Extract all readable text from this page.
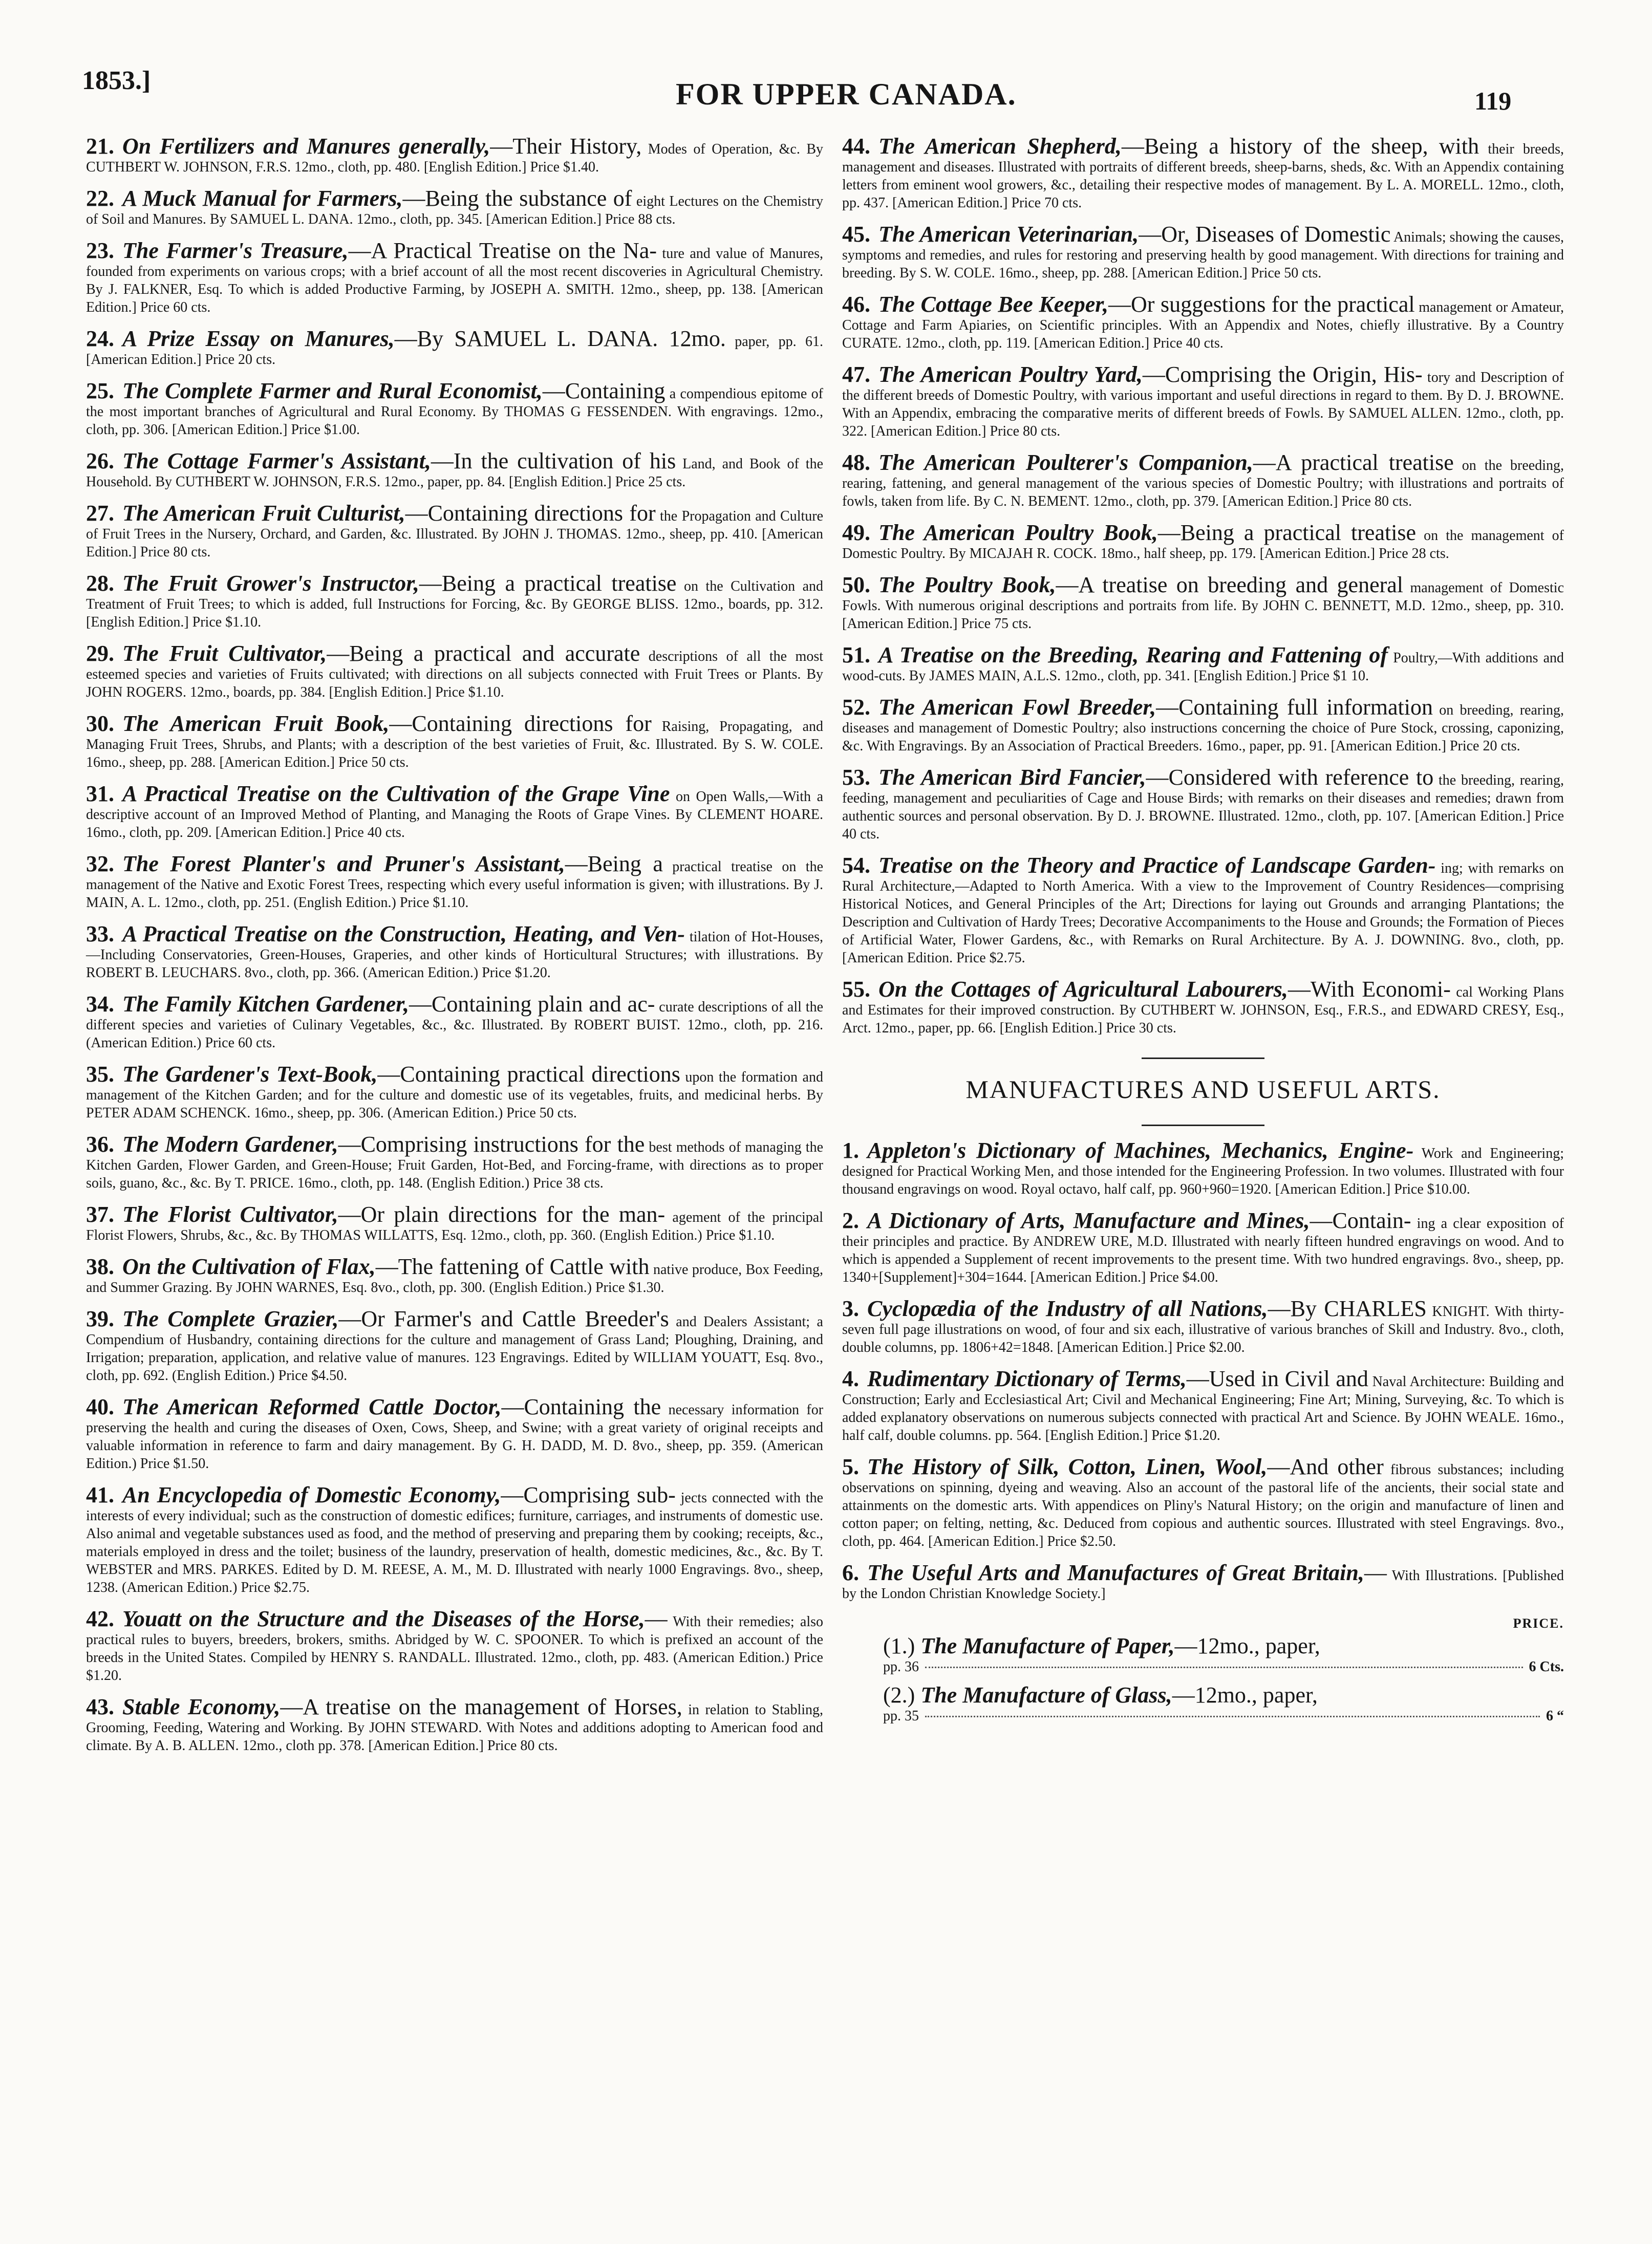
1853.]	FOR UPPER CANADA.	119

21. On Fertilizers and Manures generally,—Their History, Modes of Operation, &c. By CUTHBERT W. JOHNSON, F.R.S. 12mo., cloth, pp. 480. [English Edition.] Price $1.40.

22. A Muck Manual for Farmers,—Being the substance of eight Lectures on the Chemistry of Soil and Manures. By SAMUEL L. DANA. 12mo., cloth, pp. 345. [American Edition.] Price 88 cts.

23. The Farmer's Treasure,—A Practical Treatise on the Na- ture and value of Manures, founded from experiments on various crops; with a brief account of all the most recent discoveries in Agricultural Chemistry. By J. FALKNER, Esq. To which is added Productive Farming, by JOSEPH A. SMITH. 12mo., sheep, pp. 138. [American Edition.] Price 60 cts.

24. A Prize Essay on Manures,—By SAMUEL L. DANA. 12mo. paper, pp. 61. [American Edition.] Price 20 cts.

25. The Complete Farmer and Rural Economist,—Containing a compendious epitome of the most important branches of Agricultural and Rural Economy. By THOMAS G FESSENDEN. With engravings. 12mo., cloth, pp. 306. [American Edition.] Price $1.00.

26. The Cottage Farmer's Assistant,—In the cultivation of his Land, and Book of the Household. By CUTHBERT W. JOHNSON, F.R.S. 12mo., paper, pp. 84. [English Edition.] Price 25 cts.

27. The American Fruit Culturist,—Containing directions for the Propagation and Culture of Fruit Trees in the Nursery, Orchard, and Garden, &c. Illustrated. By JOHN J. THOMAS. 12mo., sheep, pp. 410. [American Edition.] Price 80 cts.

28. The Fruit Grower's Instructor,—Being a practical treatise on the Cultivation and Treatment of Fruit Trees; to which is added, full Instructions for Forcing, &c. By GEORGE BLISS. 12mo., boards, pp. 312. [English Edition.] Price $1.10.

29. The Fruit Cultivator,—Being a practical and accurate descriptions of all the most esteemed species and varieties of Fruits cultivated; with directions on all subjects connected with Fruit Trees or Plants. By JOHN ROGERS. 12mo., boards, pp. 384. [English Edition.] Price $1.10.

30. The American Fruit Book,—Containing directions for Raising, Propagating, and Managing Fruit Trees, Shrubs, and Plants; with a description of the best varieties of Fruit, &c. Illustrated. By S. W. COLE. 16mo., sheep, pp. 288. [American Edition.] Price 50 cts.

31. A Practical Treatise on the Cultivation of the Grape Vine on Open Walls,—With a descriptive account of an Improved Method of Planting, and Managing the Roots of Grape Vines. By CLEMENT HOARE. 16mo., cloth, pp. 209. [American Edition.] Price 40 cts.

32. The Forest Planter's and Pruner's Assistant,—Being a practical treatise on the management of the Native and Exotic Forest Trees, respecting which every useful information is given; with illustrations. By J. MAIN, A. L. 12mo., cloth, pp. 251. (English Edition.) Price $1.10.

33. A Practical Treatise on the Construction, Heating, and Ven- tilation of Hot-Houses,—Including Conservatories, Green-Houses, Graperies, and other kinds of Horticultural Structures; with illustrations. By ROBERT B. LEUCHARS. 8vo., cloth, pp. 366. (American Edition.) Price $1.20.

34. The Family Kitchen Gardener,—Containing plain and ac- curate descriptions of all the different species and varieties of Culinary Vegetables, &c., &c. Illustrated. By ROBERT BUIST. 12mo., cloth, pp. 216. (American Edition.) Price 60 cts.

35. The Gardener's Text-Book,—Containing practical directions upon the formation and management of the Kitchen Garden; and for the culture and domestic use of its vegetables, fruits, and medicinal herbs. By PETER ADAM SCHENCK. 16mo., sheep, pp. 306. (American Edition.) Price 50 cts.

36. The Modern Gardener,—Comprising instructions for the best methods of managing the Kitchen Garden, Flower Garden, and Green-House; Fruit Garden, Hot-Bed, and Forcing-frame, with directions as to proper soils, guano, &c., &c. By T. PRICE. 16mo., cloth, pp. 148. (English Edition.) Price 38 cts.

37. The Florist Cultivator,—Or plain directions for the man- agement of the principal Florist Flowers, Shrubs, &c., &c. By THOMAS WILLATTS, Esq. 12mo., cloth, pp. 360. (English Edition.) Price $1.10.

38. On the Cultivation of Flax,—The fattening of Cattle with native produce, Box Feeding, and Summer Grazing. By JOHN WARNES, Esq. 8vo., cloth, pp. 300. (English Edition.) Price $1.30.

39. The Complete Grazier,—Or Farmer's and Cattle Breeder's and Dealers Assistant; a Compendium of Husbandry, containing directions for the culture and management of Grass Land; Ploughing, Draining, and Irrigation; preparation, application, and relative value of manures. 123 Engravings. Edited by WILLIAM YOUATT, Esq. 8vo., cloth, pp. 692. (English Edition.) Price $4.50.

40. The American Reformed Cattle Doctor,—Containing the necessary information for preserving the health and curing the diseases of Oxen, Cows, Sheep, and Swine; with a great variety of original receipts and valuable information in reference to farm and dairy management. By G. H. DADD, M. D. 8vo., sheep, pp. 359. (American Edition.) Price $1.50.

41. An Encyclopedia of Domestic Economy,—Comprising sub- jects connected with the interests of every individual; such as the construction of domestic edifices; furniture, carriages, and instruments of domestic use. Also animal and vegetable substances used as food, and the method of preserving and preparing them by cooking; receipts, &c., materials employed in dress and the toilet; business of the laundry, preservation of health, domestic medicines, &c., &c. By T. WEBSTER and MRS. PARKES. Edited by D. M. REESE, A. M., M. D. Illustrated with nearly 1000 Engravings. 8vo., sheep, 1238. (American Edition.) Price $2.75.

42. Youatt on the Structure and the Diseases of the Horse,— With their remedies; also practical rules to buyers, breeders, brokers, smiths. Abridged by W. C. SPOONER. To which is prefixed an account of the breeds in the United States. Compiled by HENRY S. RANDALL. Illustrated. 12mo., cloth, pp. 483. (American Edition.) Price $1.20.

43. Stable Economy,—A treatise on the management of Horses, in relation to Stabling, Grooming, Feeding, Watering and Working. By JOHN STEWARD. With Notes and additions adopting to American food and climate. By A. B. ALLEN. 12mo., cloth pp. 378. [American Edition.] Price 80 cts.

44. The American Shepherd,—Being a history of the sheep, with their breeds, management and diseases. Illustrated with portraits of different breeds, sheep-barns, sheds, &c. With an Appendix containing letters from eminent wool growers, &c., detailing their respective modes of management. By L. A. MORELL. 12mo., cloth, pp. 437. [American Edition.] Price 70 cts.

45. The American Veterinarian,—Or, Diseases of Domestic Animals; showing the causes, symptoms and remedies, and rules for restoring and preserving health by good management. With directions for training and breeding. By S. W. COLE. 16mo., sheep, pp. 288. [American Edition.] Price 50 cts.

46. The Cottage Bee Keeper,—Or suggestions for the practical management or Amateur, Cottage and Farm Apiaries, on Scientific principles. With an Appendix and Notes, chiefly illustrative. By a Country CURATE. 12mo., cloth, pp. 119. [American Edition.] Price 40 cts.

47. The American Poultry Yard,—Comprising the Origin, His- tory and Description of the different breeds of Domestic Poultry, with various important and useful directions in regard to them. By D. J. BROWNE. With an Appendix, embracing the comparative merits of different breeds of Fowls. By SAMUEL ALLEN. 12mo., cloth, pp. 322. [American Edition.] Price 80 cts.

48. The American Poulterer's Companion,—A practical treatise on the breeding, rearing, fattening, and general management of the various species of Domestic Poultry; with illustrations and portraits of fowls, taken from life. By C. N. BEMENT. 12mo., cloth, pp. 379. [American Edition.] Price 80 cts.

49. The American Poultry Book,—Being a practical treatise on the management of Domestic Poultry. By MICAJAH R. COCK. 18mo., half sheep, pp. 179. [American Edition.] Price 28 cts.

50. The Poultry Book,—A treatise on breeding and general management of Domestic Fowls. With numerous original descriptions and portraits from life. By JOHN C. BENNETT, M.D. 12mo., sheep, pp. 310. [American Edition.] Price 75 cts.

51. A Treatise on the Breeding, Rearing and Fattening of Poultry,—With additions and wood-cuts. By JAMES MAIN, A.L.S. 12mo., cloth, pp. 341. [English Edition.] Price $1 10.

52. The American Fowl Breeder,—Containing full information on breeding, rearing, diseases and management of Domestic Poultry; also instructions concerning the choice of Pure Stock, crossing, caponizing, &c. With Engravings. By an Association of Practical Breeders. 16mo., paper, pp. 91. [American Edition.] Price 20 cts.

53. The American Bird Fancier,—Considered with reference to the breeding, rearing, feeding, management and peculiarities of Cage and House Birds; with remarks on their diseases and remedies; drawn from authentic sources and personal observation. By D. J. BROWNE. Illustrated. 12mo., cloth, pp. 107. [American Edition.] Price 40 cts.

54. Treatise on the Theory and Practice of Landscape Garden- ing; with remarks on Rural Architecture,—Adapted to North America. With a view to the Improvement of Country Residences—comprising Historical Notices, and General Principles of the Art; Directions for laying out Grounds and arranging Plantations; the Description and Cultivation of Hardy Trees; Decorative Accompaniments to the House and Grounds; the Formation of Pieces of Artificial Water, Flower Gardens, &c., with Remarks on Rural Architecture. By A. J. DOWNING. 8vo., cloth, pp. [American Edition. Price $2.75.

55. On the Cottages of Agricultural Labourers,—With Economi- cal Working Plans and Estimates for their improved construction. By CUTHBERT W. JOHNSON, Esq., F.R.S., and EDWARD CRESY, Esq., Arct. 12mo., paper, pp. 66. [English Edition.] Price 30 cts.

MANUFACTURES AND USEFUL ARTS.

1. Appleton's Dictionary of Machines, Mechanics, Engine- Work and Engineering; designed for Practical Working Men, and those intended for the Engineering Profession. In two volumes. Illustrated with four thousand engravings on wood. Royal octavo, half calf, pp. 960+960=1920. [American Edition.] Price $10.00.

2. A Dictionary of Arts, Manufacture and Mines,—Contain- ing a clear exposition of their principles and practice. By ANDREW URE, M.D. Illustrated with nearly fifteen hundred engravings on wood. And to which is appended a Supplement of recent improvements to the present time. With two hundred engravings. 8vo., sheep, pp. 1340+[Supplement]+304=1644. [American Edition.] Price $4.00.

3. Cyclopædia of the Industry of all Nations,—By CHARLES KNIGHT. With thirty-seven full page illustrations on wood, of four and six each, illustrative of various branches of Skill and Industry. 8vo., cloth, double columns, pp. 1806+42=1848. [American Edition.] Price $2.00.

4. Rudimentary Dictionary of Terms,—Used in Civil and Naval Architecture: Building and Construction; Early and Ecclesiastical Art; Civil and Mechanical Engineering; Fine Art; Mining, Surveying, &c. To which is added explanatory observations on numerous subjects connected with practical Art and Science. By JOHN WEALE. 16mo., half calf, double columns. pp. 564. [English Edition.] Price $1.20.

5. The History of Silk, Cotton, Linen, Wool,—And other fibrous substances; including observations on spinning, dyeing and weaving. Also an account of the pastoral life of the ancients, their social state and attainments on the domestic arts. With appendices on Pliny's Natural History; on the origin and manufacture of linen and cotton paper; on felting, netting, &c. Deduced from copious and authentic sources. Illustrated with steel Engravings. 8vo., cloth, pp. 464. [American Edition.] Price $2.50.

6. The Useful Arts and Manufactures of Great Britain,— With Illustrations. [Published by the London Christian Knowledge Society.]

PRICE.
(1.) The Manufacture of Paper,—12mo., paper,
pp. 36	6 Cts.
(2.) The Manufacture of Glass,—12mo., paper,
pp. 35	6 “
